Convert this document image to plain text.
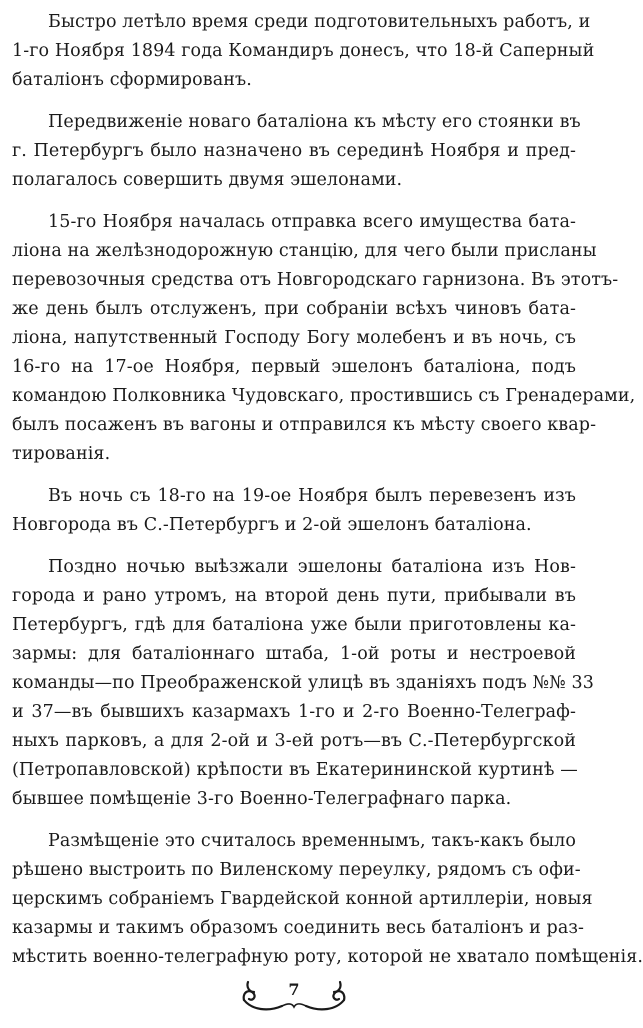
Быстро летѣло время среди подготовительныхъ работъ, и
1-го Ноября 1894 года Командиръ донесъ, что 18-й Саперный
баталіонъ сформированъ.
Передвиженіе новаго баталіона къ мѣсту его стоянки въ
г. Петербургъ было назначено въ серединѣ Ноября и пред-
полагалось совершить двумя эшелонами.
15-го Ноября началась отправка всего имущества бата-
ліона на желѣзнодорожную станцію, для чего были присланы
перевозочныя средства отъ Новгородскаго гарнизона. Въ этотъ-
же день былъ отслуженъ, при собраніи всѣхъ чиновъ бата-
ліона, напутственный Господу Богу молебенъ и въ ночь, съ
16-го на 17-ое Ноября, первый эшелонъ баталіона, подъ
командою Полковника Чудовскаго, простившись съ Гренадерами,
былъ посаженъ въ вагоны и отправился къ мѣсту своего квар-
тированія.
Въ ночь съ 18-го на 19-ое Ноября былъ перевезенъ изъ
Новгорода въ С.-Петербургъ и 2-ой эшелонъ баталіона.
Поздно ночью выѣзжали эшелоны баталіона изъ Нов-
города и рано утромъ, на второй день пути, прибывали въ
Петербургъ, гдѣ для баталіона уже были приготовлены ка-
зармы: для баталіоннаго штаба, 1-ой роты и нестроевой
команды—по Преображенской улицѣ въ зданіяхъ подъ №№ 33
и 37—въ бывшихъ казармахъ 1-го и 2-го Военно-Телеграф-
ныхъ парковъ, а для 2-ой и 3-ей ротъ—въ С.-Петербургской
(Петропавловской) крѣпости въ Екатерининской куртинѣ —
бывшее помѣщеніе 3-го Военно-Телеграфнаго парка.
Размѣщеніе это считалось временнымъ, такъ-какъ было
рѣшено выстроить по Виленскому переулку, рядомъ съ офи-
церскимъ собраніемъ Гвардейской конной артиллеріи, новыя
казармы и такимъ образомъ соединить весь баталіонъ и раз-
мѣстить военно-телеграфную роту, которой не хватало помѣщенія.
7
